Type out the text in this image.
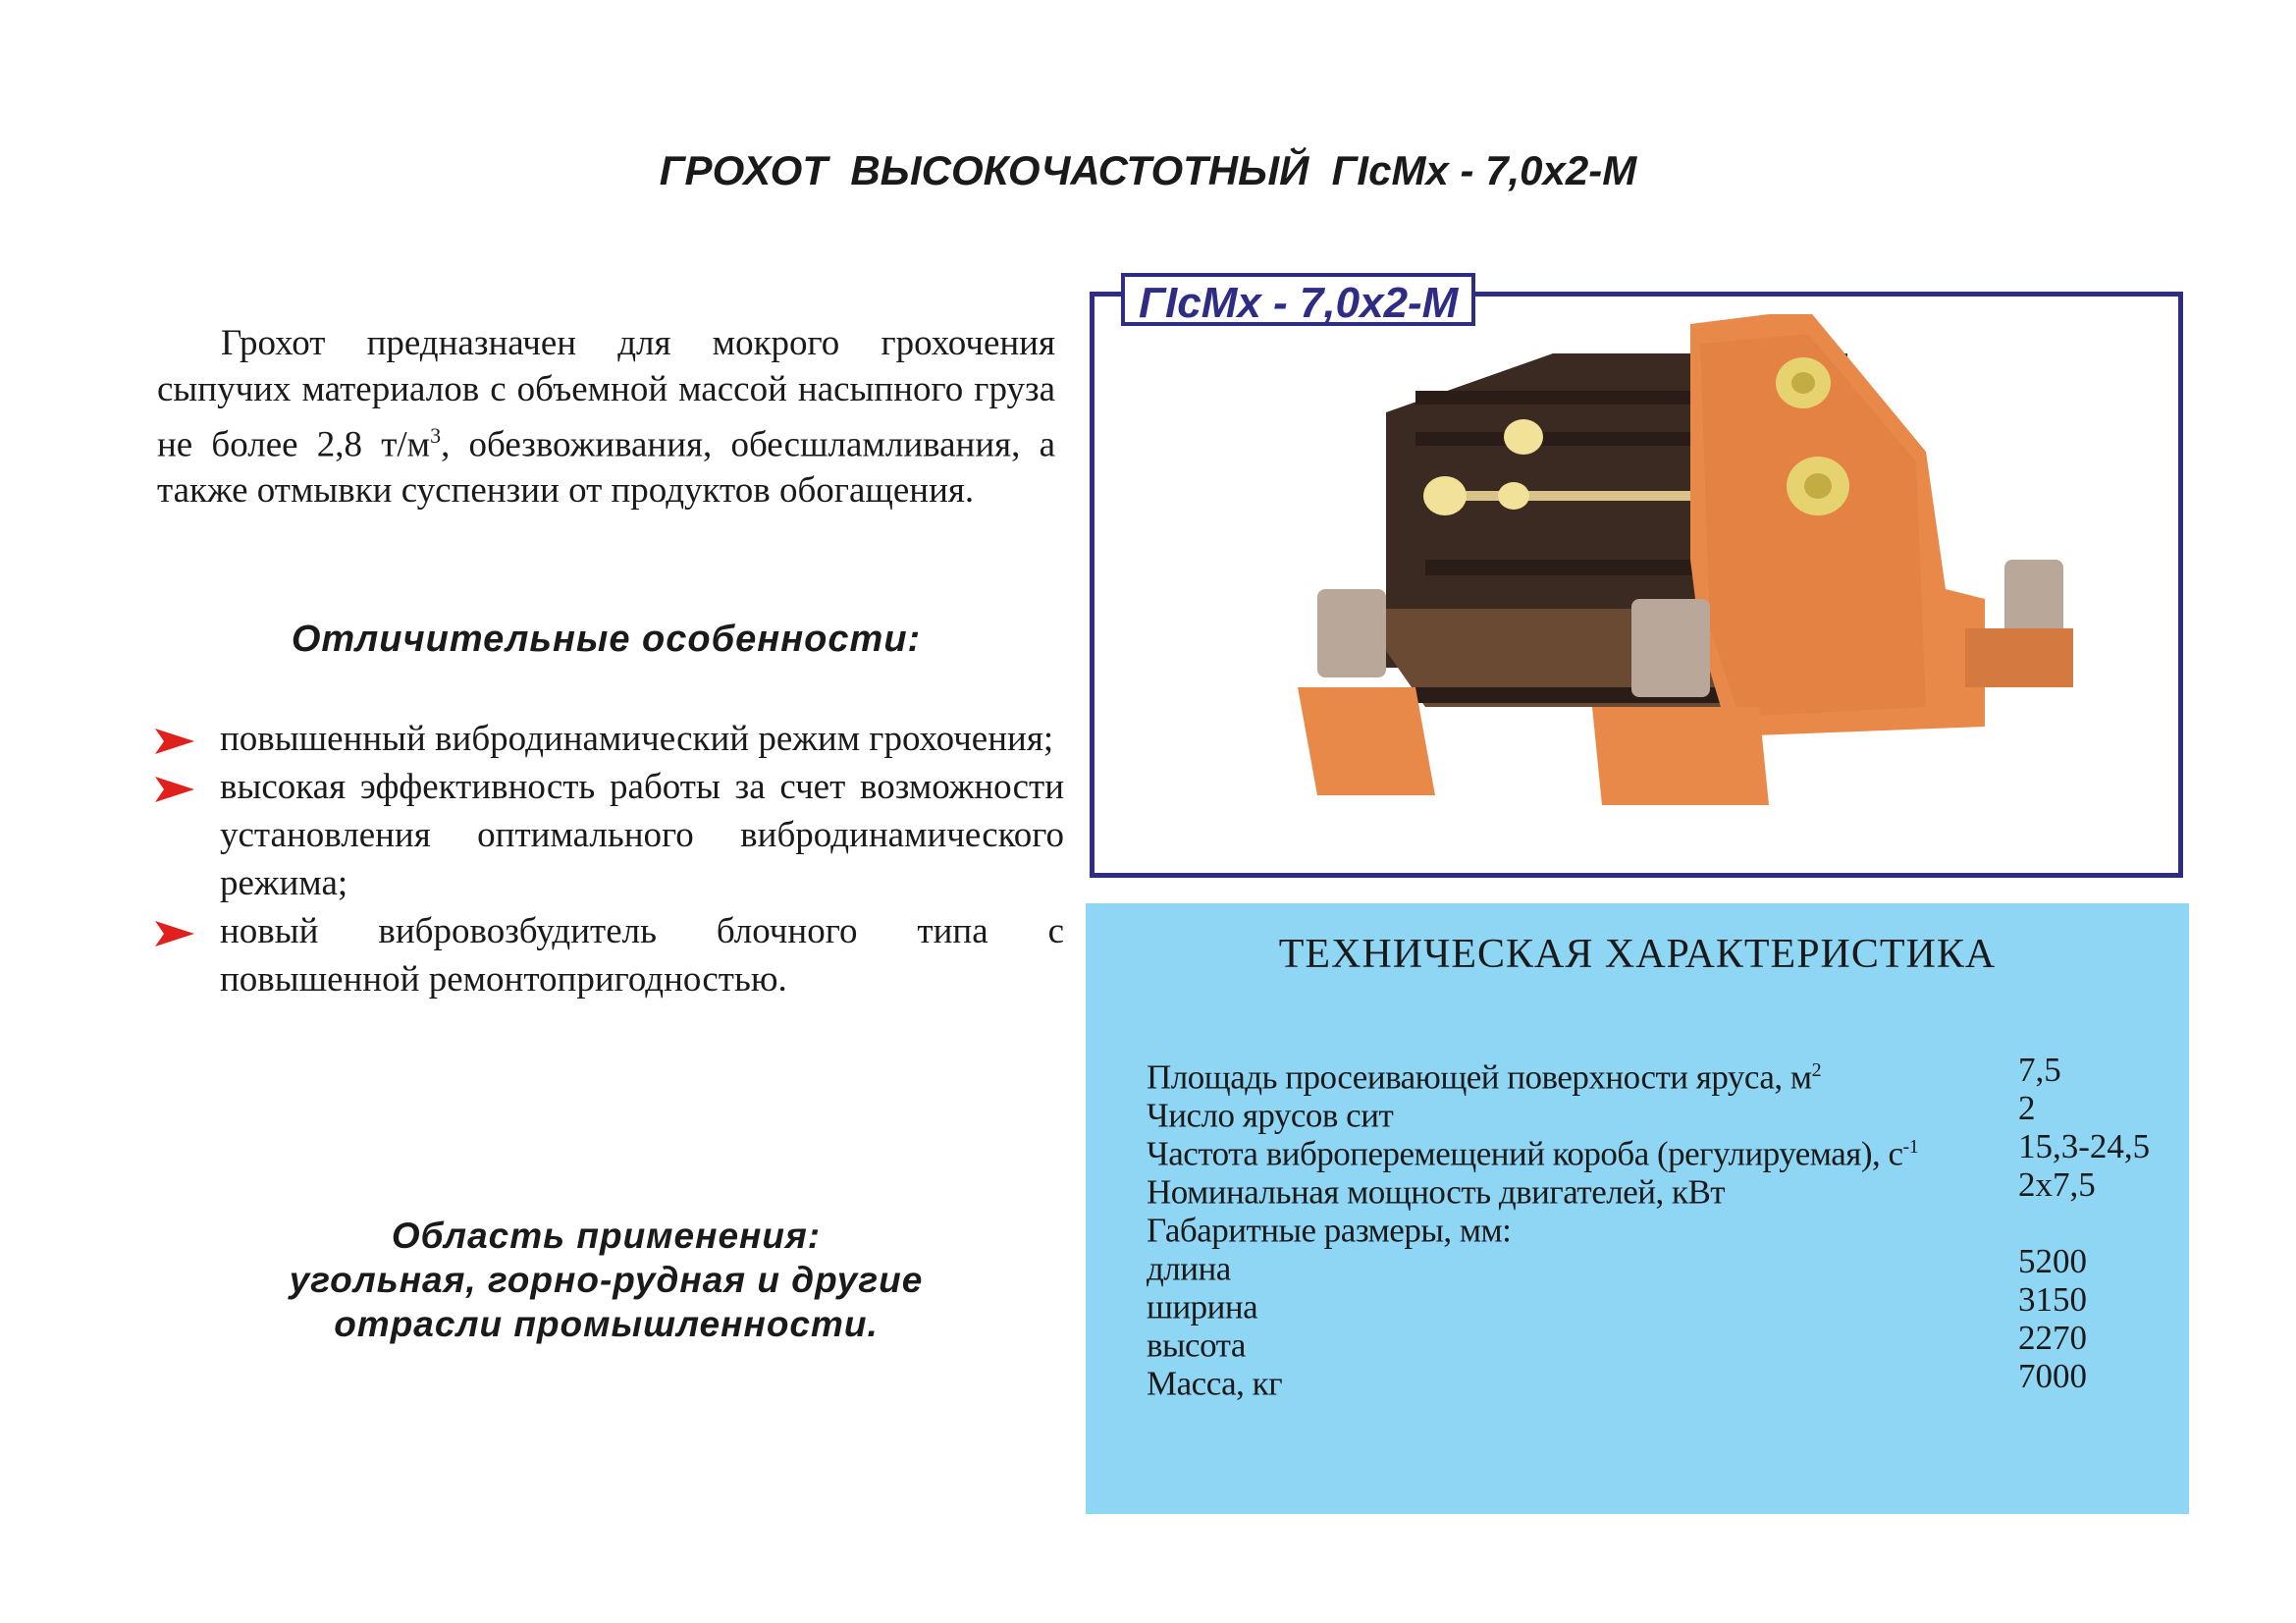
ГРОХОТ  ВЫСОКОЧАСТОТНЫЙ  ГIсМх - 7,0х2-М

Грохот предназначен для мокрого грохочения сыпучих материалов с объемной массой насыпного груза не более 2,8 $т/м^3$, обезвоживания, обесшламливания, а также отмывки суспензии от продуктов обогащения.

Отличительные особенности:
повышенный вибродинамический режим грохочения;
высокая эффективность работы за счет возможности установления оптимального вибродинамического режима;
новый вибровозбудитель блочного типа с повышенной ремонтопригодностью.
Область применения:
угольная, горно-рудная и другие
отрасли промышленности.
ГIсМх - 7,0х2-М
ТЕХНИЧЕСКАЯ ХАРАКТЕРИСТИКА
Площадь просеивающей поверхности яруса, $м^2$	7,5
Число ярусов сит	2
Частота виброперемещений короба (регулируемая), $с^{-1}$	15,3-24,5
Номинальная мощность двигателей, кВт	2х7,5
Габаритные размеры, мм:
длина	5200
ширина	3150
высота	2270
Масса, кг	7000
